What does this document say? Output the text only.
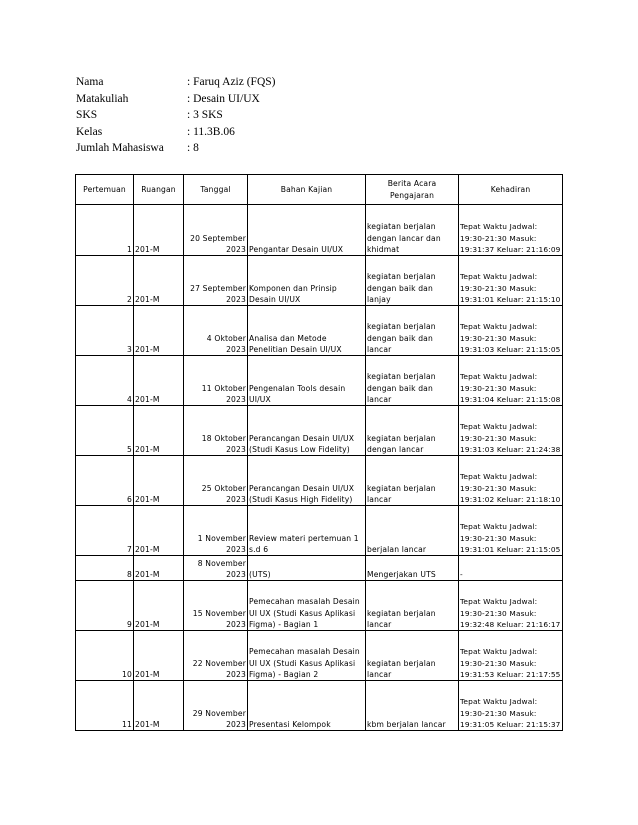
Nama	: Faruq Aziz (FQS)
Matakuliah	: Desain UI/UX
SKS	: 3 SKS
Kelas	: 11.3B.06
Jumlah Mahasiswa	: 8
Pertemuan	Ruangan	Tanggal	Bahan Kajian	Berita Acara Pengajaran	Kehadiran
1	201-M	20 September 2023	Pengantar Desain UI/UX	kegiatan berjalan dengan lancar dan khidmat	Tepat Waktu Jadwal: 19:30-21:30 Masuk: 19:31:37 Keluar: 21:16:09
2	201-M	27 September 2023	Komponen dan Prinsip Desain UI/UX	kegiatan berjalan dengan baik dan lanjay	Tepat Waktu Jadwal: 19:30-21:30 Masuk: 19:31:01 Keluar: 21:15:10
3	201-M	4 Oktober 2023	Analisa dan Metode Penelitian Desain UI/UX	kegiatan berjalan dengan baik dan lancar	Tepat Waktu Jadwal: 19:30-21:30 Masuk: 19:31:03 Keluar: 21:15:05
4	201-M	11 Oktober 2023	Pengenalan Tools desain UI/UX	kegiatan berjalan dengan baik dan lancar	Tepat Waktu Jadwal: 19:30-21:30 Masuk: 19:31:04 Keluar: 21:15:08
5	201-M	18 Oktober 2023	Perancangan Desain UI/UX (Studi Kasus Low Fidelity)	kegiatan berjalan dengan lancar	Tepat Waktu Jadwal: 19:30-21:30 Masuk: 19:31:03 Keluar: 21:24:38
6	201-M	25 Oktober 2023	Perancangan Desain UI/UX (Studi Kasus High Fidelity)	kegiatan berjalan lancar	Tepat Waktu Jadwal: 19:30-21:30 Masuk: 19:31:02 Keluar: 21:18:10
7	201-M	1 November 2023	Review materi pertemuan 1 s.d 6	berjalan lancar	Tepat Waktu Jadwal: 19:30-21:30 Masuk: 19:31:01 Keluar: 21:15:05
8	201-M	8 November 2023	(UTS)	Mengerjakan UTS	-
9	201-M	15 November 2023	Pemecahan masalah Desain UI UX (Studi Kasus Aplikasi Figma) - Bagian 1	kegiatan berjalan lancar	Tepat Waktu Jadwal: 19:30-21:30 Masuk: 19:32:48 Keluar: 21:16:17
10	201-M	22 November 2023	Pemecahan masalah Desain UI UX (Studi Kasus Aplikasi Figma) - Bagian 2	kegiatan berjalan lancar	Tepat Waktu Jadwal: 19:30-21:30 Masuk: 19:31:53 Keluar: 21:17:55
11	201-M	29 November 2023	Presentasi Kelompok	kbm berjalan lancar	Tepat Waktu Jadwal: 19:30-21:30 Masuk: 19:31:05 Keluar: 21:15:37
